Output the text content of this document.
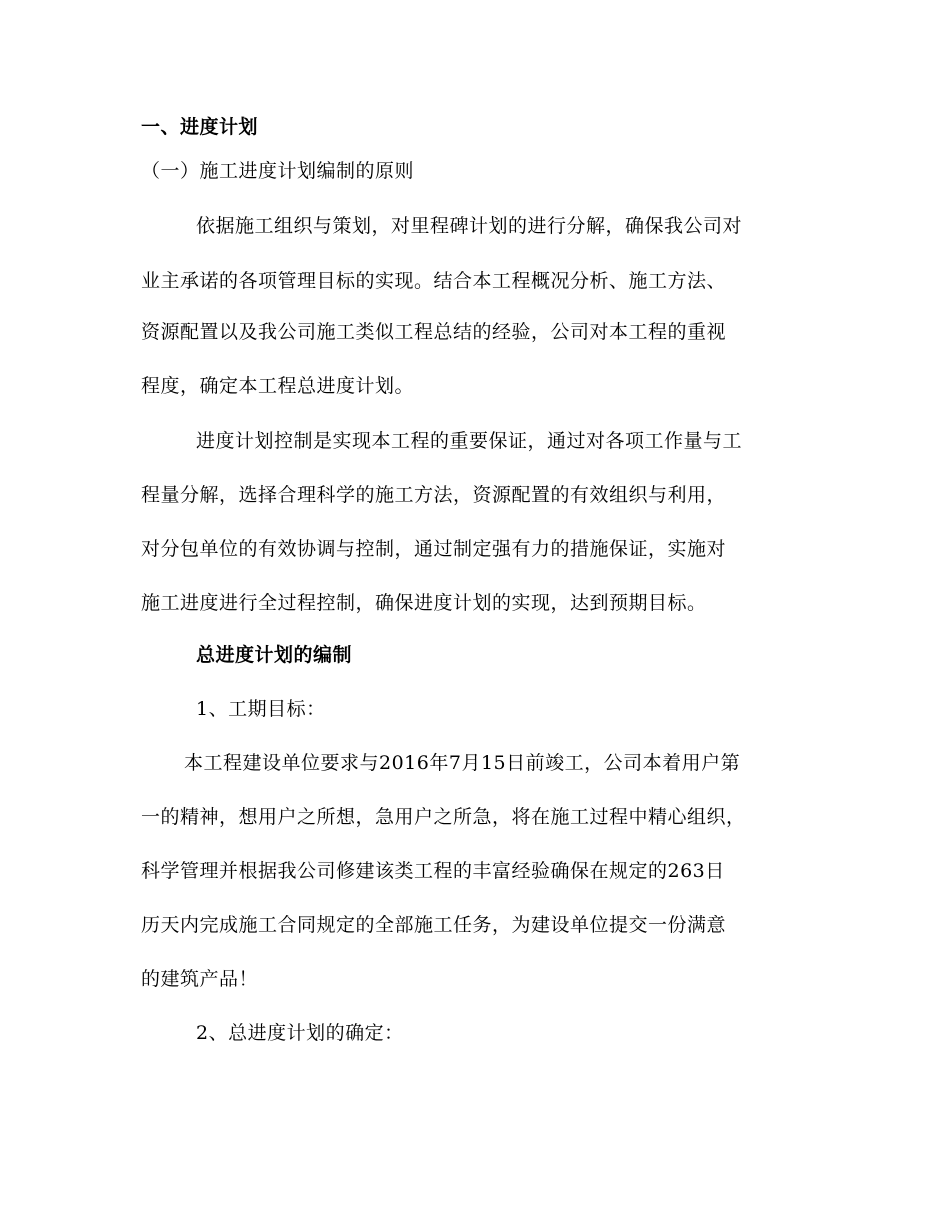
一、进度计划
（一）施工进度计划编制的原则
依据施工组织与策划，对里程碑计划的进行分解，确保我公司对
业主承诺的各项管理目标的实现。结合本工程概况分析、施工方法、
资源配置以及我公司施工类似工程总结的经验，公司对本工程的重视
程度，确定本工程总进度计划。
进度计划控制是实现本工程的重要保证，通过对各项工作量与工
程量分解，选择合理科学的施工方法，资源配置的有效组织与利用，
对分包单位的有效协调与控制，通过制定强有力的措施保证，实施对
施工进度进行全过程控制，确保进度计划的实现，达到预期目标。
总进度计划的编制
1、工期目标：
本工程建设单位要求与2016年7月15日前竣工，公司本着用户第
一的精神，想用户之所想，急用户之所急，将在施工过程中精心组织，
科学管理并根据我公司修建该类工程的丰富经验确保在规定的263日
历天内完成施工合同规定的全部施工任务，为建设单位提交一份满意
的建筑产品！
2、总进度计划的确定：
